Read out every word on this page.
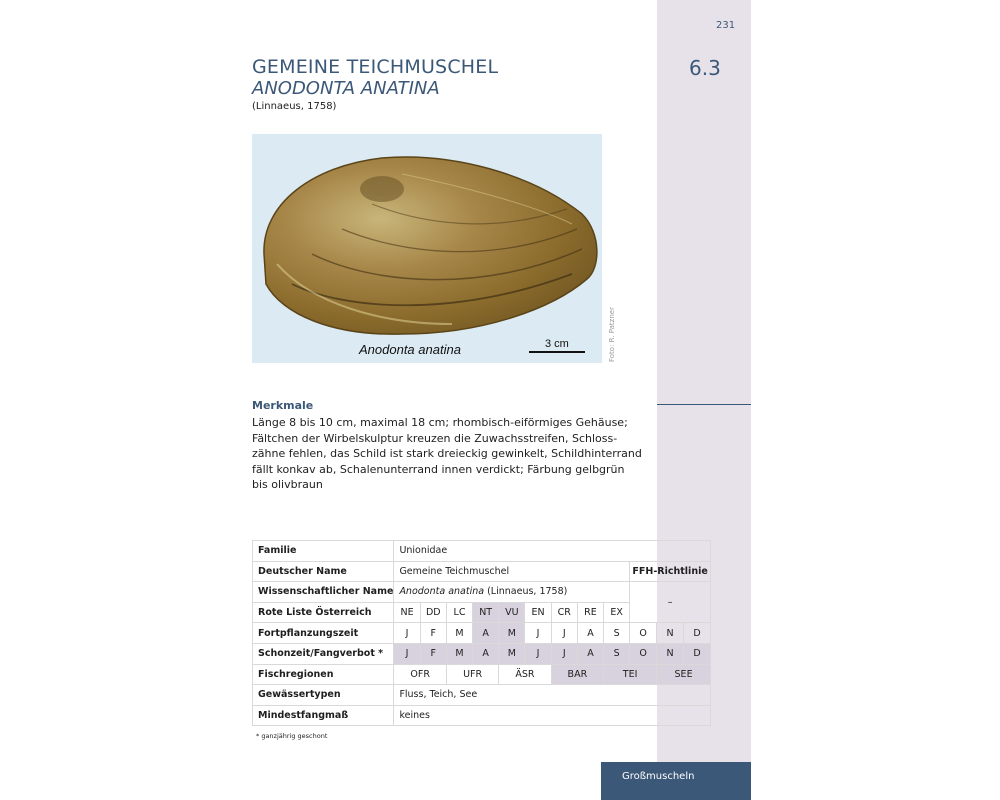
231
6.3
GEMEINE TEICHMUSCHEL
ANODONTA ANATINA
(Linnaeus, 1758)
Anodonta anatina	3 cm	Foto: R. Patzner
Merkmale
Länge 8 bis 10 cm, maximal 18 cm; rhombisch-eiförmiges Gehäuse;
Fältchen der Wirbelskulptur kreuzen die Zuwachsstreifen, Schloss-
zähne fehlen, das Schild ist stark dreieckig gewinkelt, Schildhinterrand
fällt konkav ab, Schalenunterrand innen verdickt; Färbung gelbgrün
bis olivbraun
Familie	Unionidae											
Deutscher Name	Gemeine Teichmuschel									FFH-Richtlinie		
Wissenschaftlicher Name	Anodonta anatina (Linnaeus, 1758)									–		
Rote Liste Österreich	NE	DD	LC	NT	VU	EN	CR	RE	EX			
Fortpflanzungszeit	J	F	M	A	M	J	J	A	S	O	N	D
Schonzeit/Fangverbot *	J	F	M	A	M	J	J	A	S	O	N	D
Fischregionen	OFR		UFR		ÄSR		BAR		TEI		SEE	
Gewässertypen	Fluss, Teich, See											
Mindestfangmaß	keines											
* ganzjährig geschont
Großmuscheln
